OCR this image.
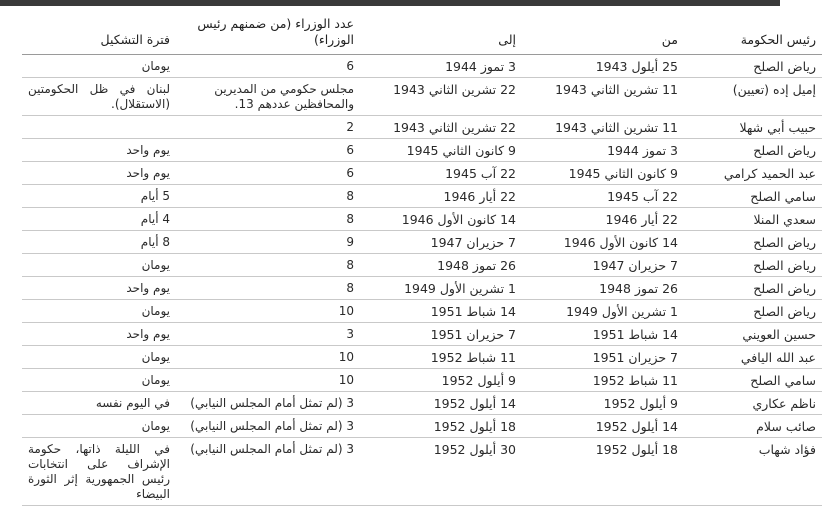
رئيس الحكومة	من	إلى	عدد الوزراء (من ضمنهم رئيس الوزراء)	فترة التشكيل
رياض الصلح	25 أيلول 1943	3 تموز 1944	6	يومان
إميل إده (تعيين)	11 تشرين الثاني 1943	22 تشرين الثاني 1943	مجلس حكومي من المديرين والمحافظين عددهم 13.	لبنان في ظل الحكومتين (الاستقلال).
حبيب أبي شهلا	11 تشرين الثاني 1943	22 تشرين الثاني 1943	2	
رياض الصلح	3 تموز 1944	9 كانون الثاني 1945	6	يوم واحد
عبد الحميد كرامي	9 كانون الثاني 1945	22 آب 1945	6	يوم واحد
سامي الصلح	22 آب 1945	22 أيار 1946	8	5 أيام
سعدي المنلا	22 أيار 1946	14 كانون الأول 1946	8	4 أيام
رياض الصلح	14 كانون الأول 1946	7 حزيران 1947	9	8 أيام
رياض الصلح	7 حزيران 1947	26 تموز 1948	8	يومان
رياض الصلح	26 تموز 1948	1 تشرين الأول 1949	8	يوم واحد
رياض الصلح	1 تشرين الأول 1949	14 شباط 1951	10	يومان
حسين العويني	14 شباط 1951	7 حزيران 1951	3	يوم واحد
عبد الله اليافي	7 حزيران 1951	11 شباط 1952	10	يومان
سامي الصلح	11 شباط 1952	9 أيلول 1952	10	يومان
ناظم عكاري	9 أيلول 1952	14 أيلول 1952	3 (لم تمثل أمام المجلس النيابي)	في اليوم نفسه
صائب سلام	14 أيلول 1952	18 أيلول 1952	3 (لم تمثل أمام المجلس النيابي)	يومان
فؤاد شهاب	18 أيلول 1952	30 أيلول 1952	3 (لم تمثل أمام المجلس النيابي)	في الليلة ذاتها، حكومة الإشراف على انتخابات رئيس الجمهورية إثر الثورة البيضاء
